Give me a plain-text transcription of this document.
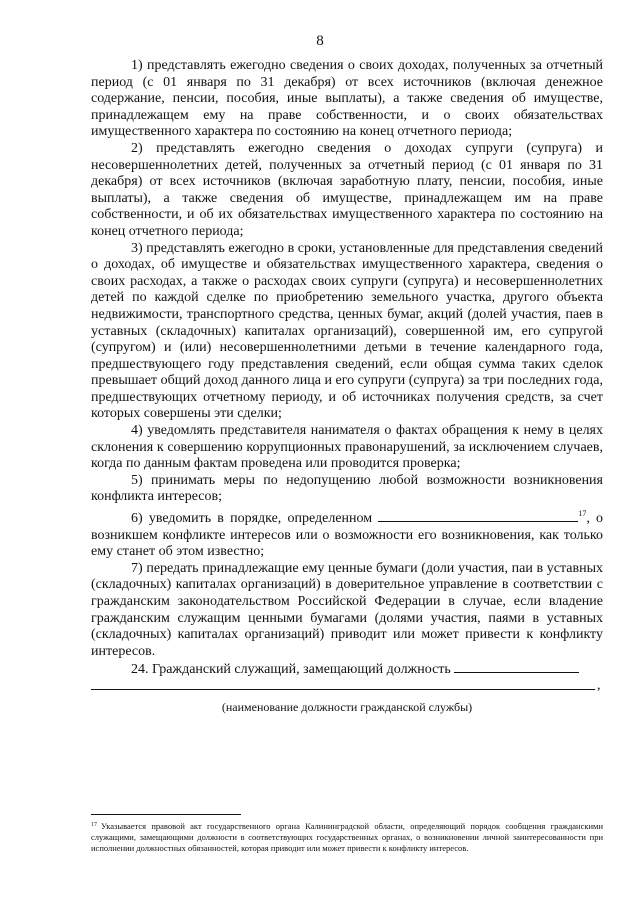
8

1) представлять ежегодно сведения о своих доходах, полученных за отчетный период (с 01 января по 31 декабря) от всех источников (включая денежное содержание, пенсии, пособия, иные выплаты), а также сведения об имуществе, принадлежащем ему на праве собственности, и о своих обязательствах имущественного характера по состоянию на конец отчетного периода;

2) представлять ежегодно сведения о доходах супруги (супруга) и несовершеннолетних детей, полученных за отчетный период (с 01 января по 31 декабря) от всех источников (включая заработную плату, пенсии, пособия, иные выплаты), а также сведения об имуществе, принадлежащем им на праве собственности, и об их обязательствах имущественного характера по состоянию на конец отчетного периода;

3) представлять ежегодно в сроки, установленные для представления сведений о доходах, об имуществе и обязательствах имущественного характера, сведения о своих расходах, а также о расходах своих супруги (супруга) и несовершеннолетних детей по каждой сделке по приобретению земельного участка, другого объекта недвижимости, транспортного средства, ценных бумаг, акций (долей участия, паев в уставных (складочных) капиталах организаций), совершенной им, его супругой (супругом) и (или) несовершеннолетними детьми в течение календарного года, предшествующего году представления сведений, если общая сумма таких сделок превышает общий доход данного лица и его супруги (супруга) за три последних года, предшествующих отчетному периоду, и об источниках получения средств, за счет которых совершены эти сделки;

4) уведомлять представителя нанимателя о фактах обращения к нему в целях склонения к совершению коррупционных правонарушений, за исключением случаев, когда по данным фактам проведена или проводится проверка;

5) принимать меры по недопущению любой возможности возникновения конфликта интересов;

6) уведомить в порядке, определенном	$^{17}$, о возникшем конфликте интересов или о возможности его возникновения, как только ему станет об этом известно;

7) передать принадлежащие ему ценные бумаги (доли участия, паи в уставных (складочных) капиталах организаций) в доверительное управление в соответствии с гражданским законодательством Российской Федерации в случае, если владение гражданским служащим ценными бумагами (долями участия, паями в уставных (складочных) капиталах организаций) приводит или может привести к конфликту интересов.

24. Гражданский служащий, замещающий должность

,
(наименование должности гражданской службы)
$^{17}$ Указывается правовой акт государственного органа Калининградской области, определяющий порядок сообщения гражданскими служащими, замещающими должности в соответствующих государственных органах, о возникновении личной заинтересованности при исполнении должностных обязанностей, которая приводит или может привести к конфликту интересов.
